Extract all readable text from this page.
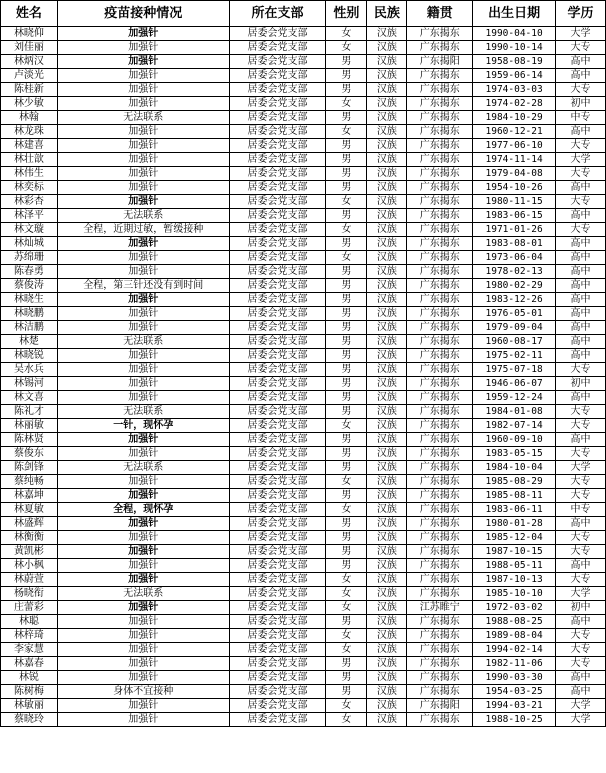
姓名	疫苗接种情况	所在支部	性别	民族	籍贯	出生日期	学历
林晓仰	加强针	居委会党支部	女	汉族	广东揭东	1990-04-10	大学
刘佳丽	加强针	居委会党支部	女	汉族	广东揭东	1990-10-14	大专
林炳汉	加强针	居委会党支部	男	汉族	广东揭阳	1958-08-19	高中
卢淡光	加强针	居委会党支部	男	汉族	广东揭东	1959-06-14	高中
陈桂新	加强针	居委会党支部	男	汉族	广东揭东	1974-03-03	大专
林少敏	加强针	居委会党支部	女	汉族	广东揭东	1974-02-28	初中
林翰	无法联系	居委会党支部	男	汉族	广东揭东	1984-10-29	中专
林龙珠	加强针	居委会党支部	女	汉族	广东揭东	1960-12-21	高中
林建喜	加强针	居委会党支部	男	汉族	广东揭东	1977-06-10	大专
林壮歆	加强针	居委会党支部	男	汉族	广东揭东	1974-11-14	大学
林伟生	加强针	居委会党支部	男	汉族	广东揭东	1979-04-08	大专
林奕标	加强针	居委会党支部	男	汉族	广东揭东	1954-10-26	高中
林彩杏	加强针	居委会党支部	女	汉族	广东揭东	1980-11-15	大专
林泽平	无法联系	居委会党支部	男	汉族	广东揭东	1983-06-15	高中
林文璇	全程，近期过敏，暂缓接种	居委会党支部	女	汉族	广东揭东	1971-01-26	大专
林灿城	加强针	居委会党支部	男	汉族	广东揭东	1983-08-01	高中
苏绵珊	加强针	居委会党支部	女	汉族	广东揭东	1973-06-04	高中
陈春勇	加强针	居委会党支部	男	汉族	广东揭东	1978-02-13	高中
蔡俊涛	全程，第三针还没有到时间	居委会党支部	男	汉族	广东揭东	1980-02-29	高中
林晓生	加强针	居委会党支部	男	汉族	广东揭东	1983-12-26	高中
林晓鹏	加强针	居委会党支部	男	汉族	广东揭东	1976-05-01	高中
林洁鹏	加强针	居委会党支部	男	汉族	广东揭东	1979-09-04	高中
林楚	无法联系	居委会党支部	男	汉族	广东揭东	1960-08-17	高中
林晓锐	加强针	居委会党支部	男	汉族	广东揭东	1975-02-11	高中
吴水兵	加强针	居委会党支部	男	汉族	广东揭东	1975-07-18	大专
林锡河	加强针	居委会党支部	男	汉族	广东揭东	1946-06-07	初中
林文喜	加强针	居委会党支部	男	汉族	广东揭东	1959-12-24	高中
陈礼才	无法联系	居委会党支部	男	汉族	广东揭东	1984-01-08	大专
林丽敏	一针，现怀孕	居委会党支部	女	汉族	广东揭东	1982-07-14	大专
陈林贤	加强针	居委会党支部	男	汉族	广东揭东	1960-09-10	高中
蔡俊东	加强针	居委会党支部	男	汉族	广东揭东	1983-05-15	大专
陈剑锋	无法联系	居委会党支部	男	汉族	广东揭东	1984-10-04	大学
蔡纯畅	加强针	居委会党支部	女	汉族	广东揭东	1985-08-29	大专
林嘉坤	加强针	居委会党支部	男	汉族	广东揭东	1985-08-11	大专
林夏敏	全程，现怀孕	居委会党支部	女	汉族	广东揭东	1983-06-11	中专
林盛辉	加强针	居委会党支部	男	汉族	广东揭东	1980-01-28	高中
林衡衡	加强针	居委会党支部	男	汉族	广东揭东	1985-12-04	大专
黄凯彬	加强针	居委会党支部	男	汉族	广东揭东	1987-10-15	大专
林小枫	加强针	居委会党支部	男	汉族	广东揭东	1988-05-11	高中
林蔚萱	加强针	居委会党支部	女	汉族	广东揭东	1987-10-13	大专
杨晓衔	无法联系	居委会党支部	女	汉族	广东揭东	1985-10-10	大学
庄蕾彩	加强针	居委会党支部	女	汉族	江苏睢宁	1972-03-02	初中
林聪	加强针	居委会党支部	男	汉族	广东揭东	1988-08-25	高中
林梓琦	加强针	居委会党支部	女	汉族	广东揭东	1989-08-04	大专
李家慧	加强针	居委会党支部	女	汉族	广东揭东	1994-02-14	大专
林嘉春	加强针	居委会党支部	男	汉族	广东揭东	1982-11-06	大专
林锐	加强针	居委会党支部	男	汉族	广东揭东	1990-03-30	高中
陈树梅	身体不宜接种	居委会党支部	男	汉族	广东揭东	1954-03-25	高中
林敏丽	加强针	居委会党支部	女	汉族	广东揭阳	1994-03-21	大学
蔡晓玲	加强针	居委会党支部	女	汉族	广东揭东	1988-10-25	大学
